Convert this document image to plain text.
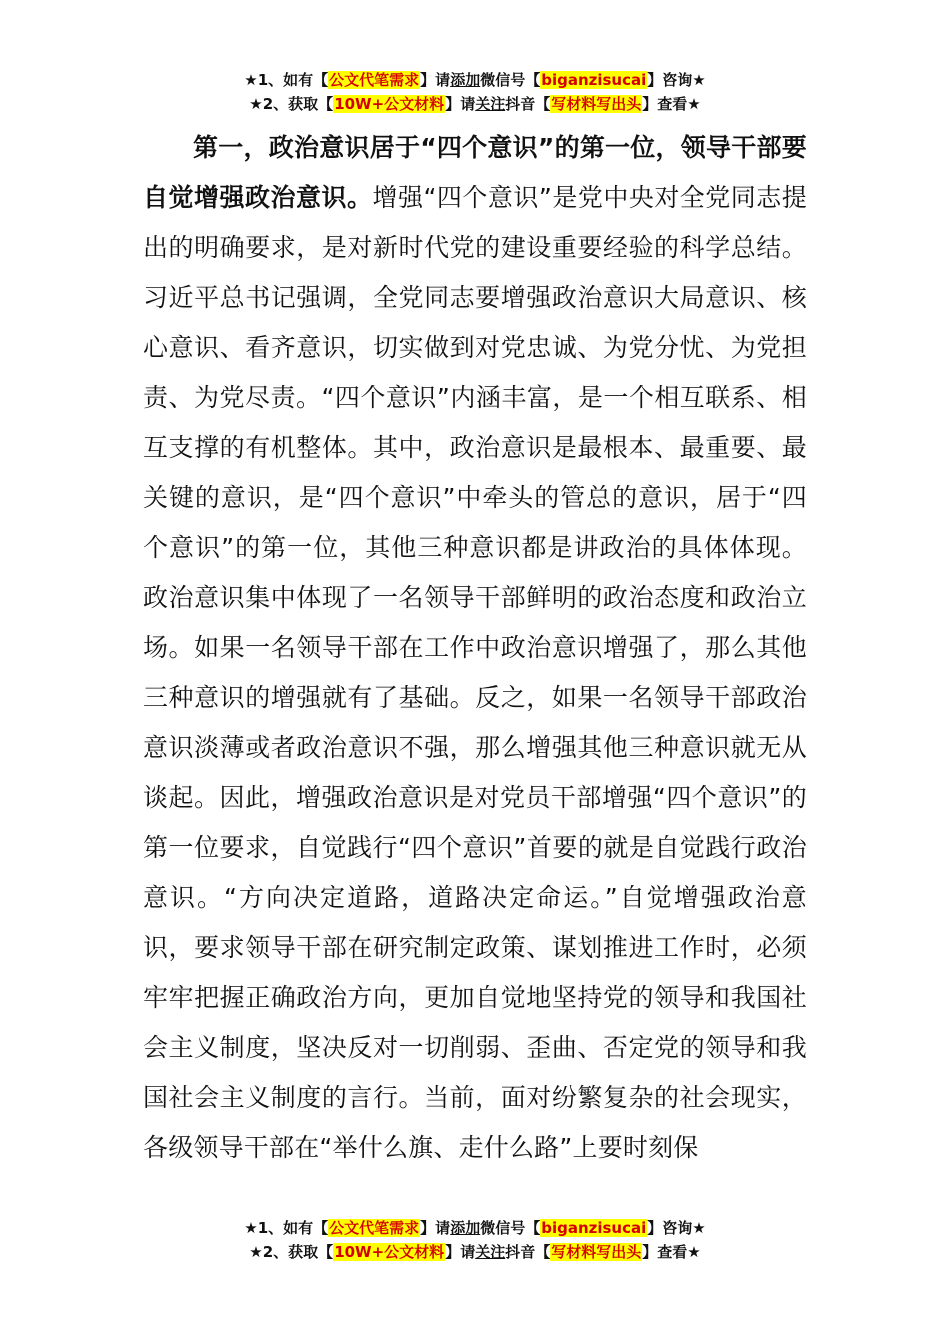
★1、如有【公文代笔需求】请添加微信号【biganzisucai】咨询★
★2、获取【10W+公文材料】请关注抖音【写材料写出头】查看★

第一，政治意识居于“四个意识”的第一位，领导干部要自觉增强政治意识。增强“四个意识”是党中央对全党同志提出的明确要求，是对新时代党的建设重要经验的科学总结。习近平总书记强调，全党同志要增强政治意识大局意识、核心意识、看齐意识，切实做到对党忠诚、为党分忧、为党担责、为党尽责。“四个意识”内涵丰富，是一个相互联系、相互支撑的有机整体。其中，政治意识是最根本、最重要、最关键的意识，是“四个意识”中牵头的管总的意识，居于“四个意识”的第一位，其他三种意识都是讲政治的具体体现。政治意识集中体现了一名领导干部鲜明的政治态度和政治立场。如果一名领导干部在工作中政治意识增强了，那么其他三种意识的增强就有了基础。反之，如果一名领导干部政治意识淡薄或者政治意识不强，那么增强其他三种意识就无从谈起。因此，增强政治意识是对党员干部增强“四个意识”的第一位要求，自觉践行“四个意识”首要的就是自觉践行政治意识。“方向决定道路，道路决定命运。”自觉增强政治意识，要求领导干部在研究制定政策、谋划推进工作时，必须牢牢把握正确政治方向，更加自觉地坚持党的领导和我国社会主义制度，坚决反对一切削弱、歪曲、否定党的领导和我国社会主义制度的言行。当前，面对纷繁复杂的社会现实，各级领导干部在“举什么旗、走什么路”上要时刻保

★1、如有【公文代笔需求】请添加微信号【biganzisucai】咨询★
★2、获取【10W+公文材料】请关注抖音【写材料写出头】查看★
